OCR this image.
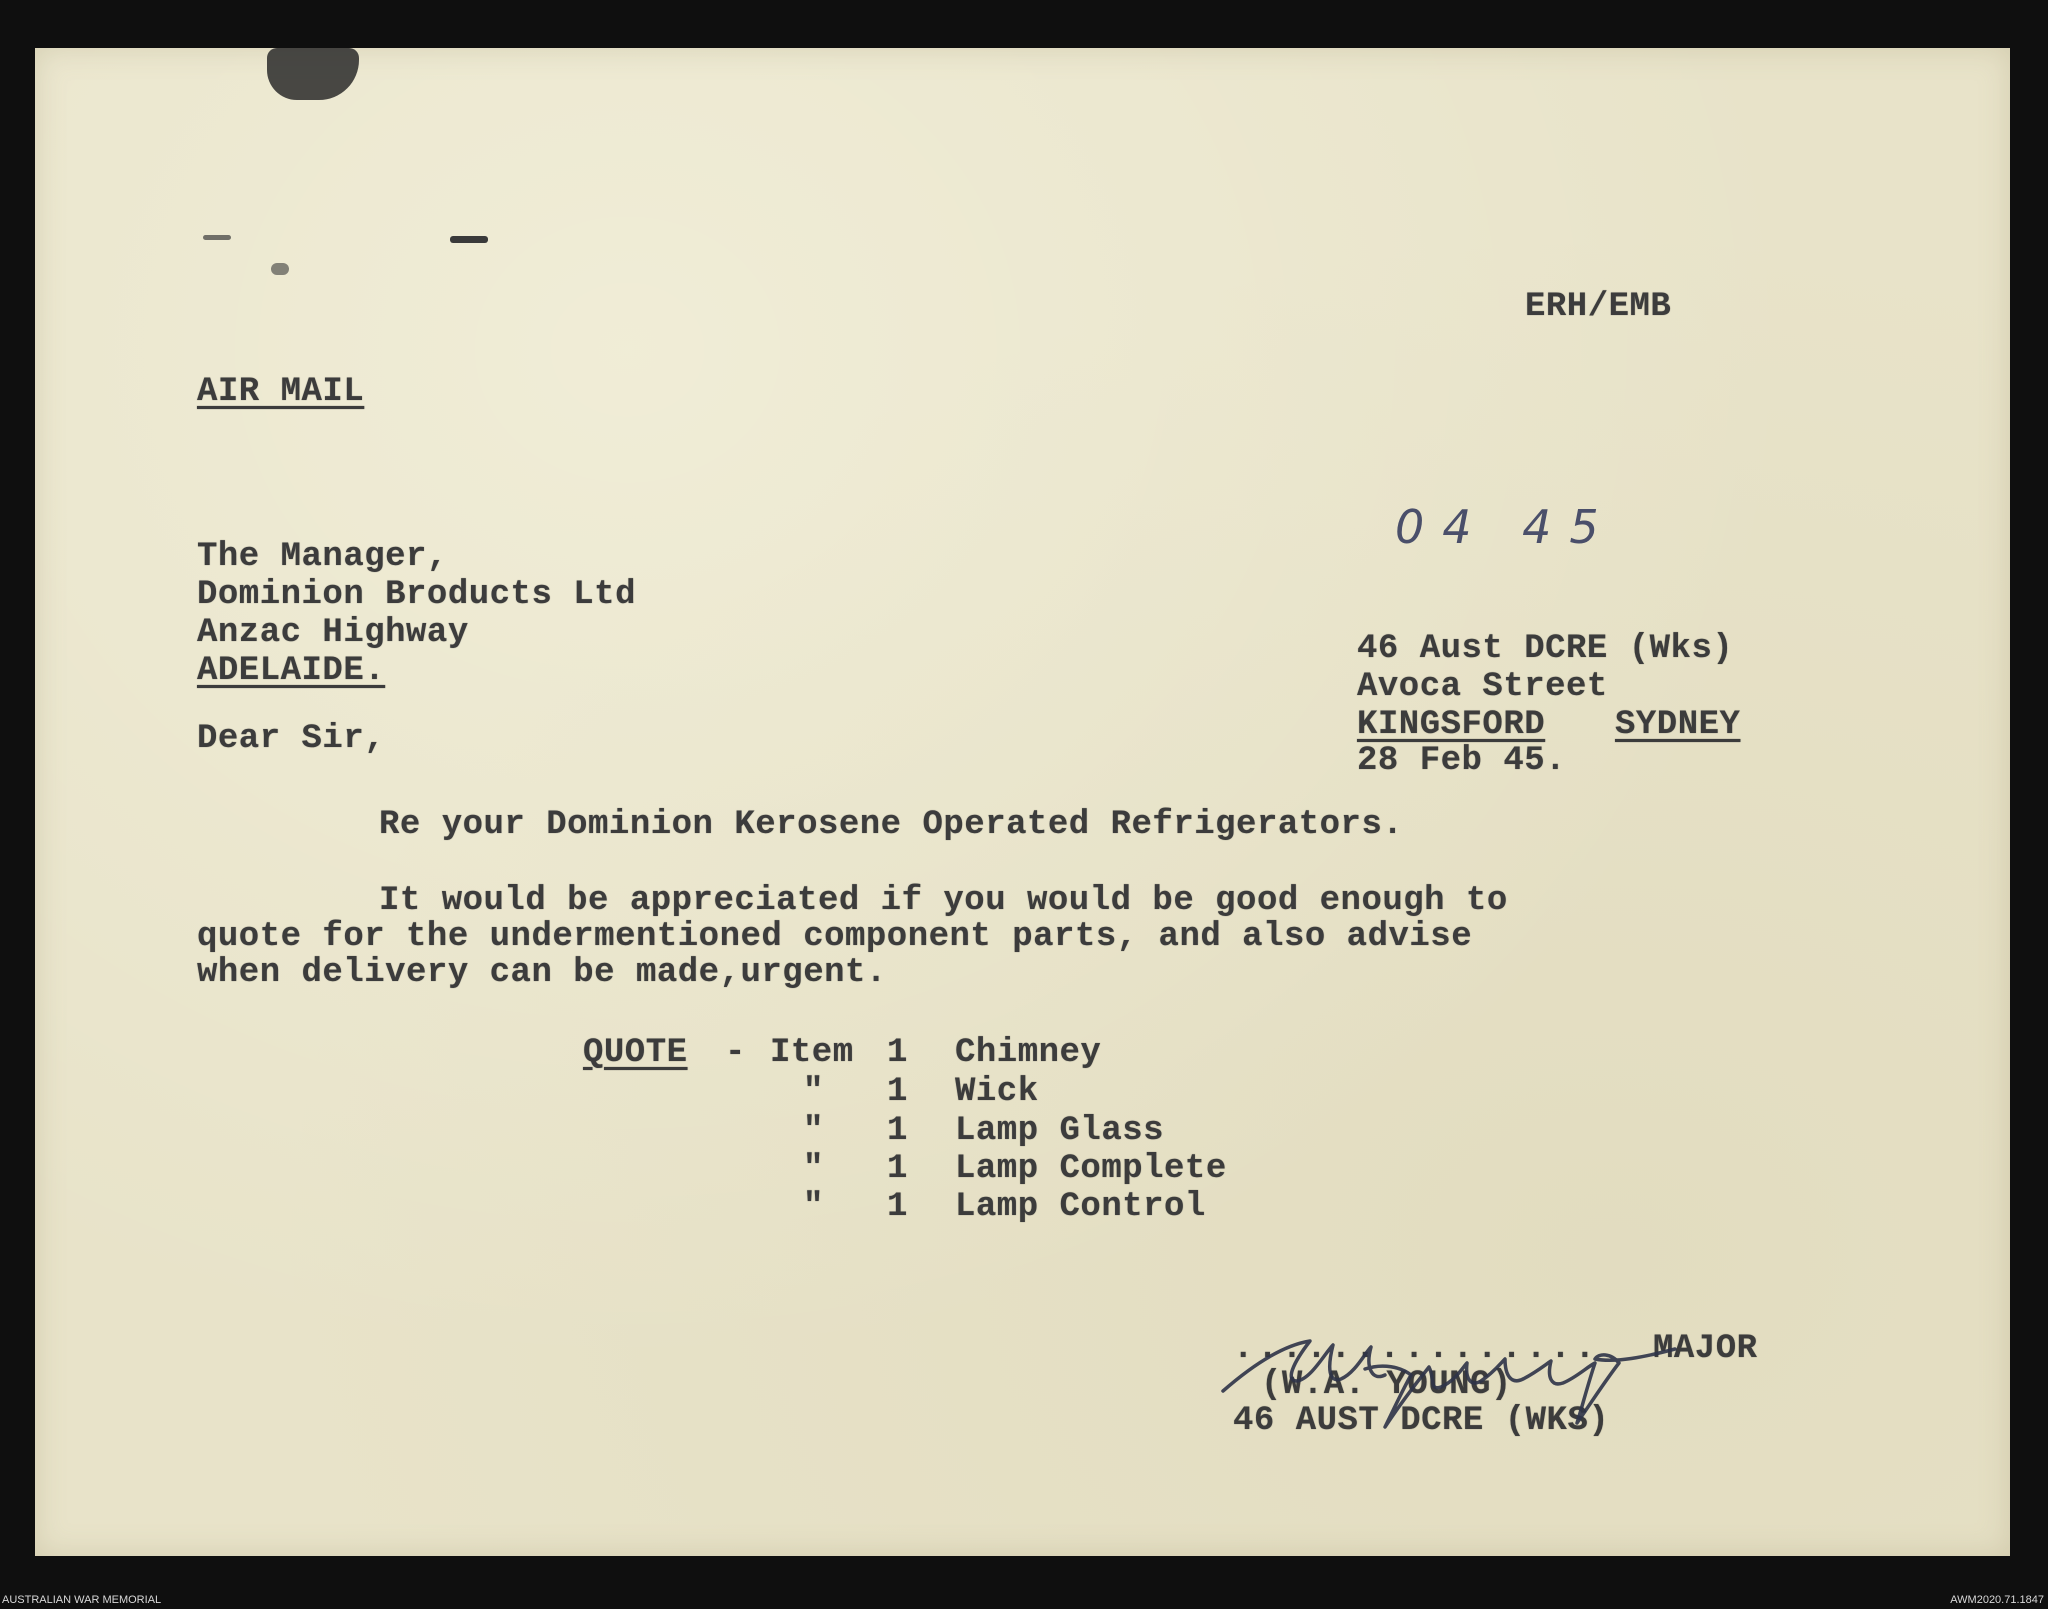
ERH/EMB
AIR MAIL
04 45
The Manager,
Dominion Broducts Ltd
Anzac Highway
ADELAIDE.
46 Aust DCRE (Wks)
Avoca Street
KINGSFORD SYDNEY
28 Feb 45.
Dear Sir,
Re your Dominion Kerosene Operated Refrigerators.
It would be appreciated if you would be good enough to
quote for the undermentioned component parts, and also advise
when delivery can be made,urgent.
QUOTE - Item 1 Chimney
" 1 Wick
" 1 Lamp Glass
" 1 Lamp Complete
" 1 Lamp Control
............... MAJOR
(W.A. YOUNG)
46 AUST DCRE (WKS)
AUSTRALIAN WAR MEMORIAL	AWM2020.71.1847
